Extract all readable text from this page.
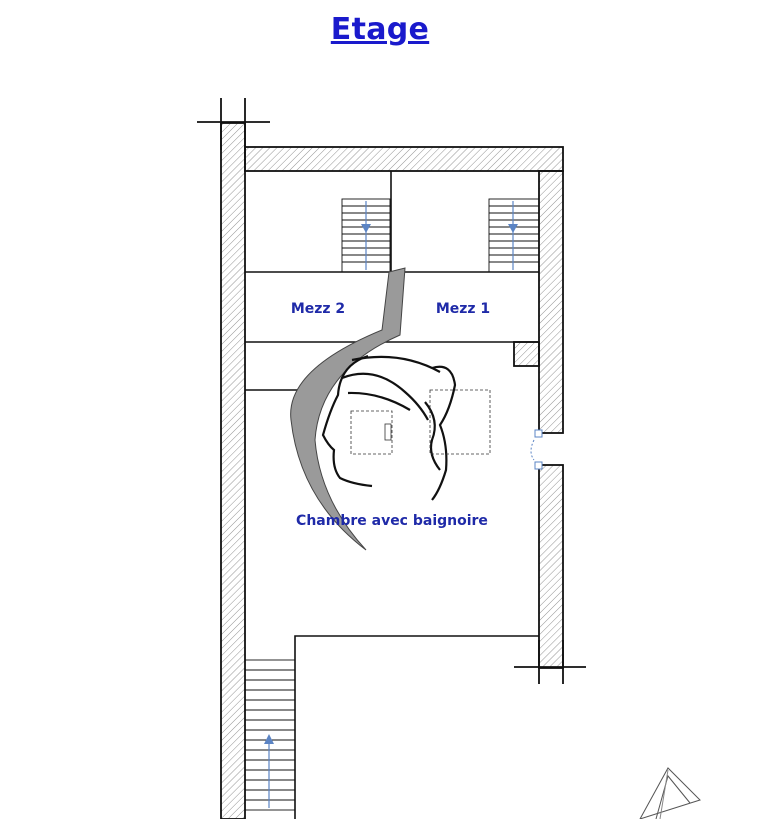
Etage
Mezz 2	Mezz 1
Chambre avec baignoire
